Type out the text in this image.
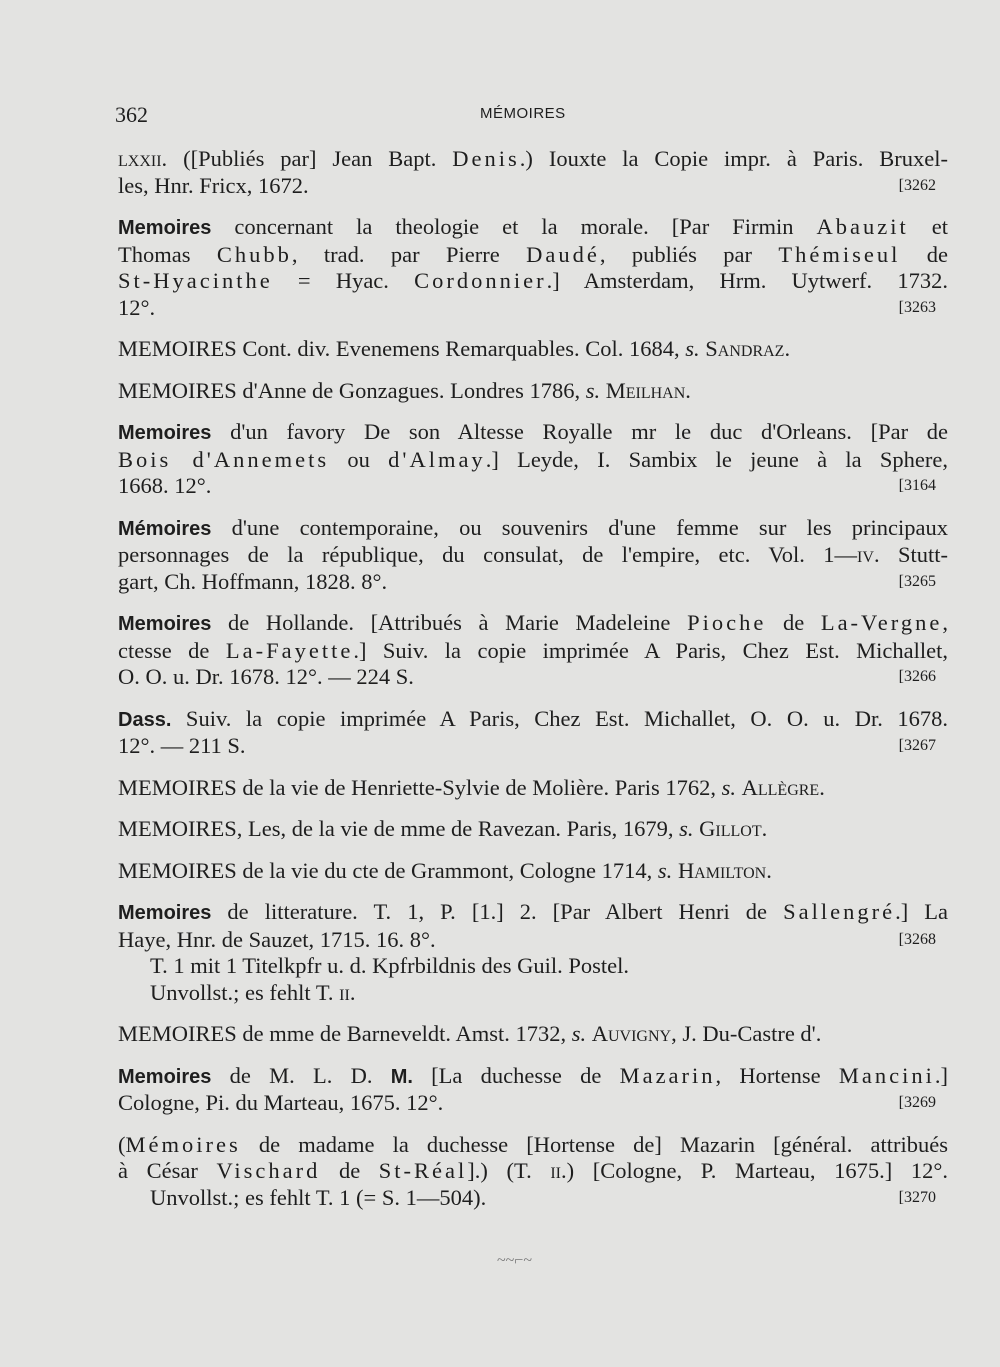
362	MÉMOIRES
lxxii. ([Publiés par] Jean Bapt. Denis.) Iouxte la Copie impr. à Paris. Bruxel-
les, Hnr. Fricx, 1672.	[3262
Memoires concernant la theologie et la morale. [Par Firmin Abauzit et
Thomas Chubb, trad. par Pierre Daudé, publiés par Thémiseul de
St-Hyacinthe = Hyac. Cordonnier.] Amsterdam, Hrm. Uytwerf. 1732.
12°.	[3263
MEMOIRES Cont. div. Evenemens Remarquables. Col. 1684, s. Sandraz.
MEMOIRES d'Anne de Gonzagues. Londres 1786, s. Meilhan.
Memoires d'un favory De son Altesse Royalle mr le duc d'Orleans. [Par de
Bois d'Annemets ou d'Almay.] Leyde, I. Sambix le jeune à la Sphere,
1668. 12°.	[3164
Mémoires d'une contemporaine, ou souvenirs d'une femme sur les principaux
personnages de la république, du consulat, de l'empire, etc. Vol. 1—iv. Stutt-
gart, Ch. Hoffmann, 1828. 8°.	[3265
Memoires de Hollande. [Attribués à Marie Madeleine Pioche de La-Vergne,
ctesse de La-Fayette.] Suiv. la copie imprimée A Paris, Chez Est. Michallet,
O. O. u. Dr. 1678. 12°. — 224 S.	[3266
Dass. Suiv. la copie imprimée A Paris, Chez Est. Michallet, O. O. u. Dr. 1678.
12°. — 211 S.	[3267
MEMOIRES de la vie de Henriette-Sylvie de Molière. Paris 1762, s. Allègre.
MEMOIRES, Les, de la vie de mme de Ravezan. Paris, 1679, s. Gillot.
MEMOIRES de la vie du cte de Grammont, Cologne 1714, s. Hamilton.
Memoires de litterature. T. 1, P. [1.] 2. [Par Albert Henri de Sallengré.] La
Haye, Hnr. de Sauzet, 1715. 16. 8°.	[3268
T. 1 mit 1 Titelkpfr u. d. Kpfrbildnis des Guil. Postel.
Unvollst.; es fehlt T. ii.
MEMOIRES de mme de Barneveldt. Amst. 1732, s. Auvigny, J. Du-Castre d'.
Memoires de M. L. D. M. [La duchesse de Mazarin, Hortense Mancini.]
Cologne, Pi. du Marteau, 1675. 12°.	[3269
(Mémoires de madame la duchesse [Hortense de] Mazarin [général. attribués
à César Vischard de St-Réal].) (T. ii.) [Cologne, P. Marteau, 1675.] 12°.
Unvollst.; es fehlt T. 1 (= S. 1—504).	[3270
~~⌐~
